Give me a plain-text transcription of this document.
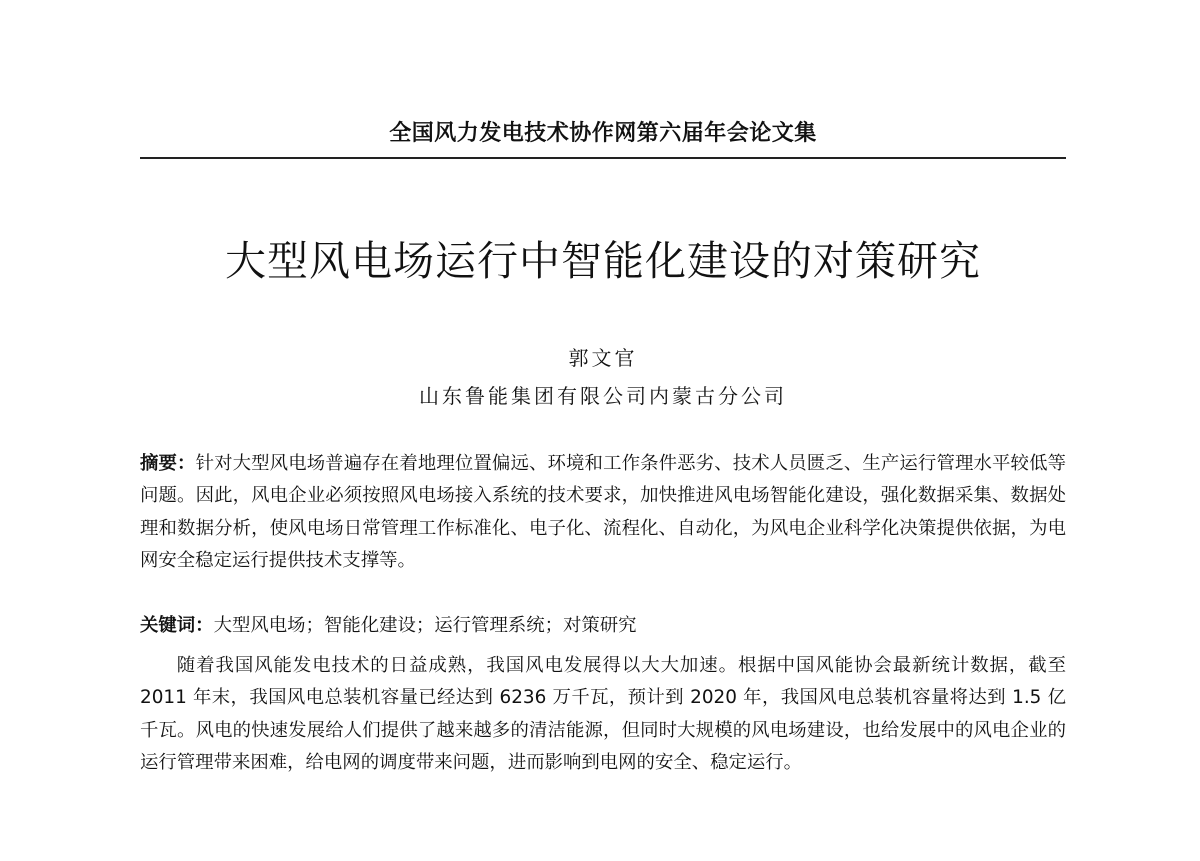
全国风力发电技术协作网第六届年会论文集
大型风电场运行中智能化建设的对策研究
郭文官
山东鲁能集团有限公司内蒙古分公司
摘要：针对大型风电场普遍存在着地理位置偏远、环境和工作条件恶劣、技术人员匮乏、生产运行管理水平较低等问题。因此，风电企业必须按照风电场接入系统的技术要求，加快推进风电场智能化建设，强化数据采集、数据处理和数据分析，使风电场日常管理工作标准化、电子化、流程化、自动化，为风电企业科学化决策提供依据，为电网安全稳定运行提供技术支撑等。
关键词：大型风电场；智能化建设；运行管理系统；对策研究
随着我国风能发电技术的日益成熟，我国风电发展得以大大加速。根据中国风能协会最新统计数据，截至 2011 年末，我国风电总装机容量已经达到 6236 万千瓦，预计到 2020 年，我国风电总装机容量将达到 1.5 亿千瓦。风电的快速发展给人们提供了越来越多的清洁能源，但同时大规模的风电场建设，也给发展中的风电企业的运行管理带来困难，给电网的调度带来问题，进而影响到电网的安全、稳定运行。
